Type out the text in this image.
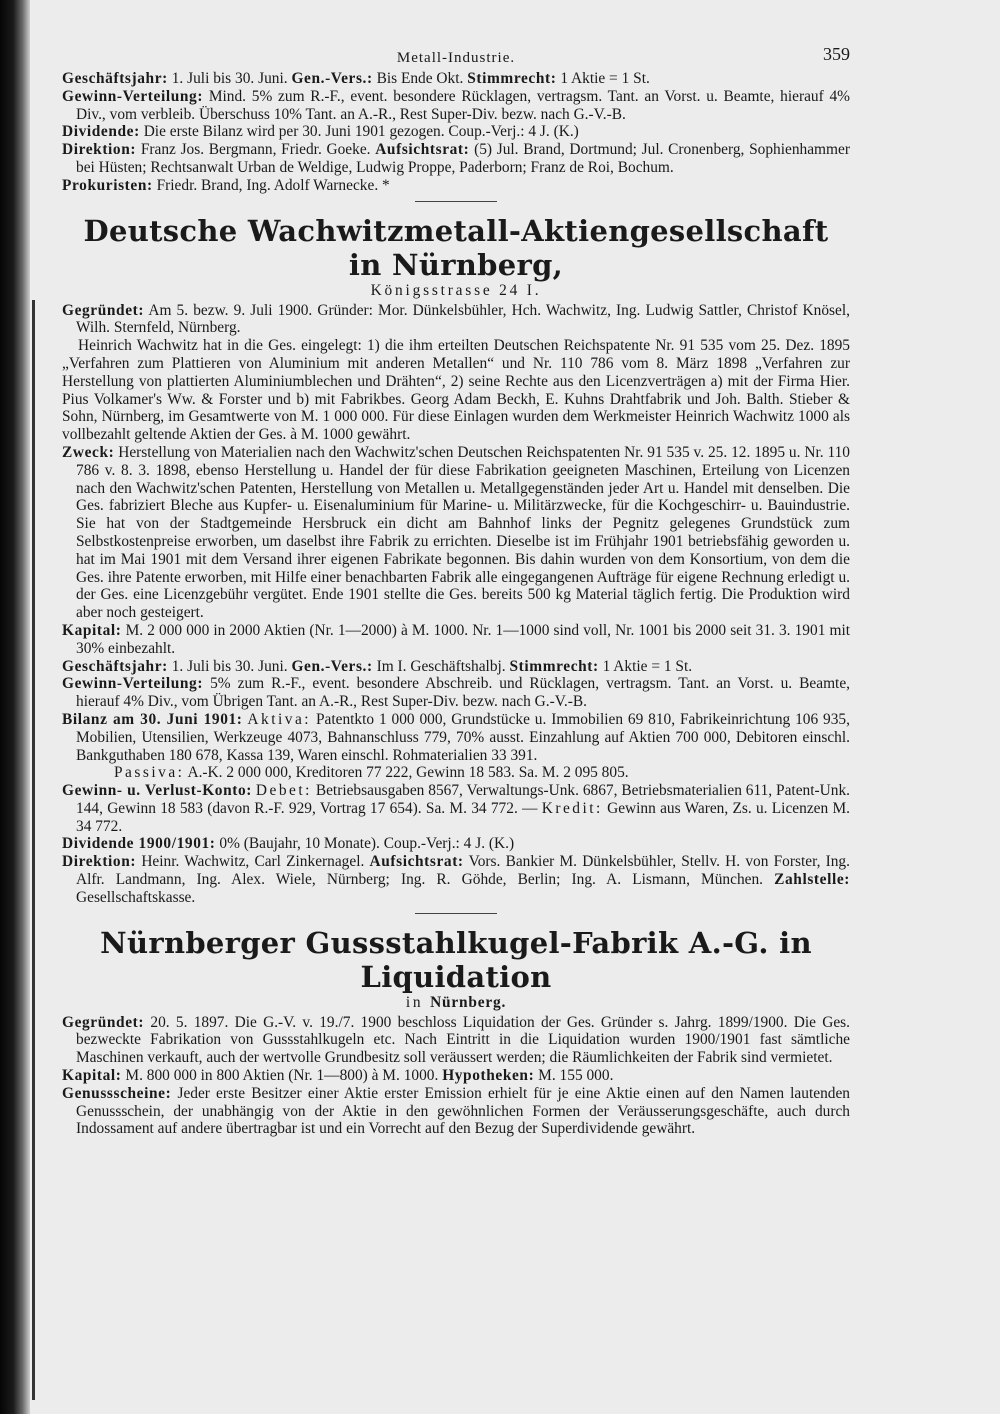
Metall-Industrie.	359

Geschäftsjahr: 1. Juli bis 30. Juni. Gen.-Vers.: Bis Ende Okt. Stimmrecht: 1 Aktie = 1 St.

Gewinn-Verteilung: Mind. 5% zum R.-F., event. besondere Rücklagen, vertragsm. Tant. an Vorst. u. Beamte, hierauf 4% Div., vom verbleib. Überschuss 10% Tant. an A.-R., Rest Super-Div. bezw. nach G.-V.-B.

Dividende: Die erste Bilanz wird per 30. Juni 1901 gezogen. Coup.-Verj.: 4 J. (K.)

Direktion: Franz Jos. Bergmann, Friedr. Goeke. Aufsichtsrat: (5) Jul. Brand, Dortmund; Jul. Cronenberg, Sophienhammer bei Hüsten; Rechtsanwalt Urban de Weldige, Ludwig Proppe, Paderborn; Franz de Roi, Bochum.

Prokuristen: Friedr. Brand, Ing. Adolf Warnecke. *

Deutsche Wachwitzmetall-Aktiengesellschaft in Nürnberg,
Königsstrasse 24 I.

Gegründet: Am 5. bezw. 9. Juli 1900. Gründer: Mor. Dünkelsbühler, Hch. Wachwitz, Ing. Ludwig Sattler, Christof Knösel, Wilh. Sternfeld, Nürnberg.

Heinrich Wachwitz hat in die Ges. eingelegt: 1) die ihm erteilten Deutschen Reichspatente Nr. 91 535 vom 25. Dez. 1895 „Verfahren zum Plattieren von Aluminium mit anderen Metallen“ und Nr. 110 786 vom 8. März 1898 „Verfahren zur Herstellung von plattierten Aluminiumblechen und Drähten“, 2) seine Rechte aus den Licenzverträgen a) mit der Firma Hier. Pius Volkamer's Ww. & Forster und b) mit Fabrikbes. Georg Adam Beckh, E. Kuhns Drahtfabrik und Joh. Balth. Stieber & Sohn, Nürnberg, im Gesamtwerte von M. 1 000 000. Für diese Einlagen wurden dem Werkmeister Heinrich Wachwitz 1000 als vollbezahlt geltende Aktien der Ges. à M. 1000 gewährt.

Zweck: Herstellung von Materialien nach den Wachwitz'schen Deutschen Reichspatenten Nr. 91 535 v. 25. 12. 1895 u. Nr. 110 786 v. 8. 3. 1898, ebenso Herstellung u. Handel der für diese Fabrikation geeigneten Maschinen, Erteilung von Licenzen nach den Wachwitz'schen Patenten, Herstellung von Metallen u. Metallgegenständen jeder Art u. Handel mit denselben. Die Ges. fabriziert Bleche aus Kupfer- u. Eisenaluminium für Marine- u. Militärzwecke, für die Kochgeschirr- u. Bauindustrie. Sie hat von der Stadtgemeinde Hersbruck ein dicht am Bahnhof links der Pegnitz gelegenes Grundstück zum Selbstkostenpreise erworben, um daselbst ihre Fabrik zu errichten. Dieselbe ist im Frühjahr 1901 betriebsfähig geworden u. hat im Mai 1901 mit dem Versand ihrer eigenen Fabrikate begonnen. Bis dahin wurden von dem Konsortium, von dem die Ges. ihre Patente erworben, mit Hilfe einer benachbarten Fabrik alle eingegangenen Aufträge für eigene Rechnung erledigt u. der Ges. eine Licenzgebühr vergütet. Ende 1901 stellte die Ges. bereits 500 kg Material täglich fertig. Die Produktion wird aber noch gesteigert.

Kapital: M. 2 000 000 in 2000 Aktien (Nr. 1—2000) à M. 1000. Nr. 1—1000 sind voll, Nr. 1001 bis 2000 seit 31. 3. 1901 mit 30% einbezahlt.

Geschäftsjahr: 1. Juli bis 30. Juni. Gen.-Vers.: Im I. Geschäftshalbj. Stimmrecht: 1 Aktie = 1 St.

Gewinn-Verteilung: 5% zum R.-F., event. besondere Abschreib. und Rücklagen, vertragsm. Tant. an Vorst. u. Beamte, hierauf 4% Div., vom Übrigen Tant. an A.-R., Rest Super-Div. bezw. nach G.-V.-B.

Bilanz am 30. Juni 1901: Aktiva: Patentkto 1 000 000, Grundstücke u. Immobilien 69 810, Fabrikeinrichtung 106 935, Mobilien, Utensilien, Werkzeuge 4073, Bahnanschluss 779, 70% ausst. Einzahlung auf Aktien 700 000, Debitoren einschl. Bankguthaben 180 678, Kassa 139, Waren einschl. Rohmaterialien 33 391.

Passiva: A.-K. 2 000 000, Kreditoren 77 222, Gewinn 18 583. Sa. M. 2 095 805.

Gewinn- u. Verlust-Konto: Debet: Betriebsausgaben 8567, Verwaltungs-Unk. 6867, Betriebsmaterialien 611, Patent-Unk. 144, Gewinn 18 583 (davon R.-F. 929, Vortrag 17 654). Sa. M. 34 772. — Kredit: Gewinn aus Waren, Zs. u. Licenzen M. 34 772.

Dividende 1900/1901: 0% (Baujahr, 10 Monate). Coup.-Verj.: 4 J. (K.)

Direktion: Heinr. Wachwitz, Carl Zinkernagel. Aufsichtsrat: Vors. Bankier M. Dünkelsbühler, Stellv. H. von Forster, Ing. Alfr. Landmann, Ing. Alex. Wiele, Nürnberg; Ing. R. Göhde, Berlin; Ing. A. Lismann, München. Zahlstelle: Gesellschaftskasse.

Nürnberger Gussstahlkugel-Fabrik A.-G. in Liquidation
in Nürnberg.

Gegründet: 20. 5. 1897. Die G.-V. v. 19./7. 1900 beschloss Liquidation der Ges. Gründer s. Jahrg. 1899/1900. Die Ges. bezweckte Fabrikation von Gussstahlkugeln etc. Nach Eintritt in die Liquidation wurden 1900/1901 fast sämtliche Maschinen verkauft, auch der wertvolle Grundbesitz soll veräussert werden; die Räumlichkeiten der Fabrik sind vermietet.

Kapital: M. 800 000 in 800 Aktien (Nr. 1—800) à M. 1000. Hypotheken: M. 155 000.

Genussscheine: Jeder erste Besitzer einer Aktie erster Emission erhielt für je eine Aktie einen auf den Namen lautenden Genussschein, der unabhängig von der Aktie in den gewöhnlichen Formen der Veräusserungsgeschäfte, auch durch Indossament auf andere übertragbar ist und ein Vorrecht auf den Bezug der Superdividende gewährt.
